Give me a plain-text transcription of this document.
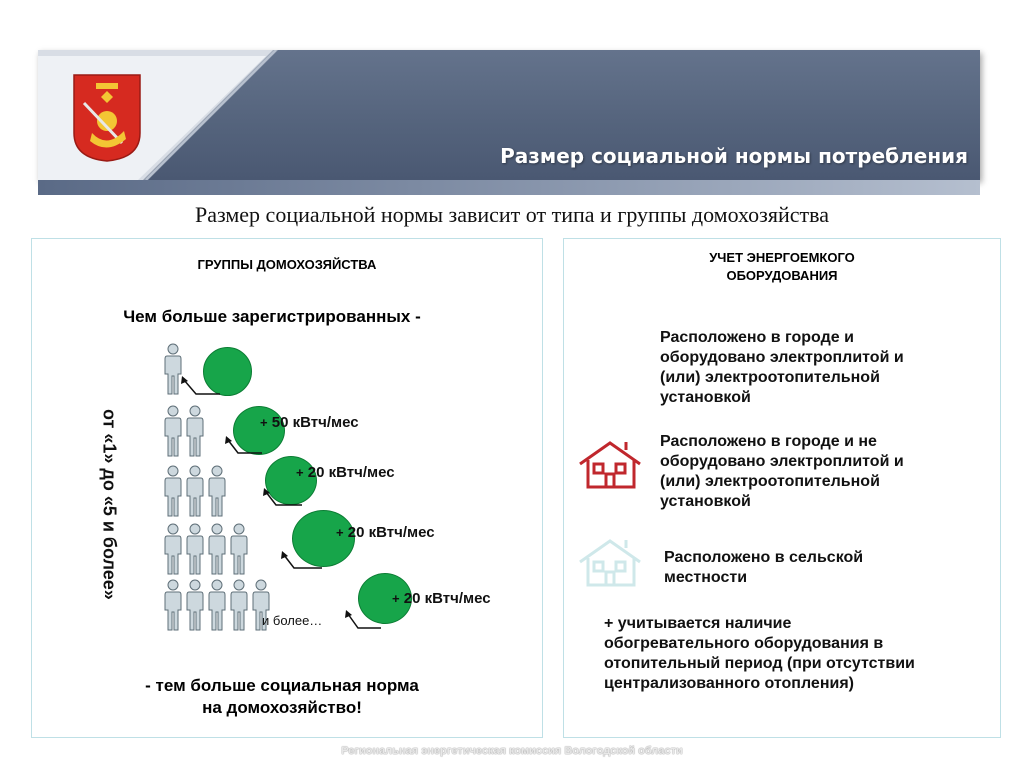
Размер социальной нормы потребления
Размер социальной нормы зависит от типа и группы домохозяйства
ГРУППЫ ДОМОХОЗЯЙСТВА
Чем больше зарегистрированных -
- тем больше социальная норма
на домохозяйство!
от «1» до «5 и более»	+ 50 кВтч/мес
+ 20 кВтч/мес
+ 20 кВтч/мес
+ 20 кВтч/мес
и более…
УЧЕТ ЭНЕРГОЕМКОГО
ОБОРУДОВАНИЯ
Расположено в городе и
оборудовано электроплитой и
(или) электроотопительной
установкой
Расположено в городе и не
оборудовано электроплитой и
(или) электроотопительной
установкой
Расположено в сельской
местности
+ учитывается наличие
обогревательного оборудования в
отопительный период (при отсутствии
централизованного отопления)
Региональная энергетическая комиссия Вологодской области
